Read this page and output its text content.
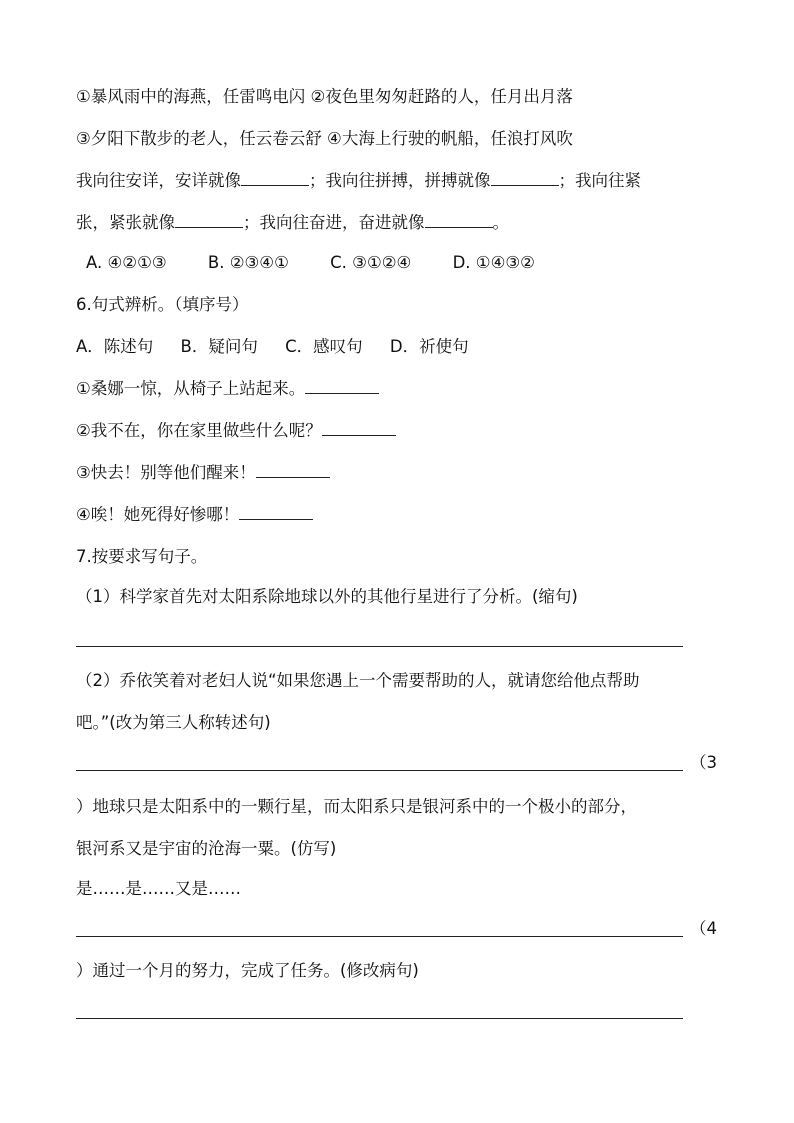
①暴风雨中的海燕，任雷鸣电闪 ②夜色里匆匆赶路的人，任月出月落
③夕阳下散步的老人，任云卷云舒 ④大海上行驶的帆船，任浪打风吹
我向往安详，安详就像	；我向往拼搏，拼搏就像	；我向往紧
张，紧张就像	；我向往奋进，奋进就像	。
A. ④②①③	B. ②③④①	C. ③①②④	D. ①④③②
6.句式辨析。（填序号）
A．陈述句 B．疑问句 C．感叹句 D．祈使句
①桑娜一惊，从椅子上站起来。
②我不在，你在家里做些什么呢？
③快去！别等他们醒来！
④唉！她死得好惨哪！
7.按要求写句子。
（1）科学家首先对太阳系除地球以外的其他行星进行了分析。(缩句)
（2）乔依笑着对老妇人说“如果您遇上一个需要帮助的人，就请您给他点帮助
吧。”(改为第三人称转述句)
（3
）地球只是太阳系中的一颗行星，而太阳系只是银河系中的一个极小的部分，
银河系又是宇宙的沧海一粟。(仿写)
是……是……又是……
（4
）通过一个月的努力，完成了任务。(修改病句)
